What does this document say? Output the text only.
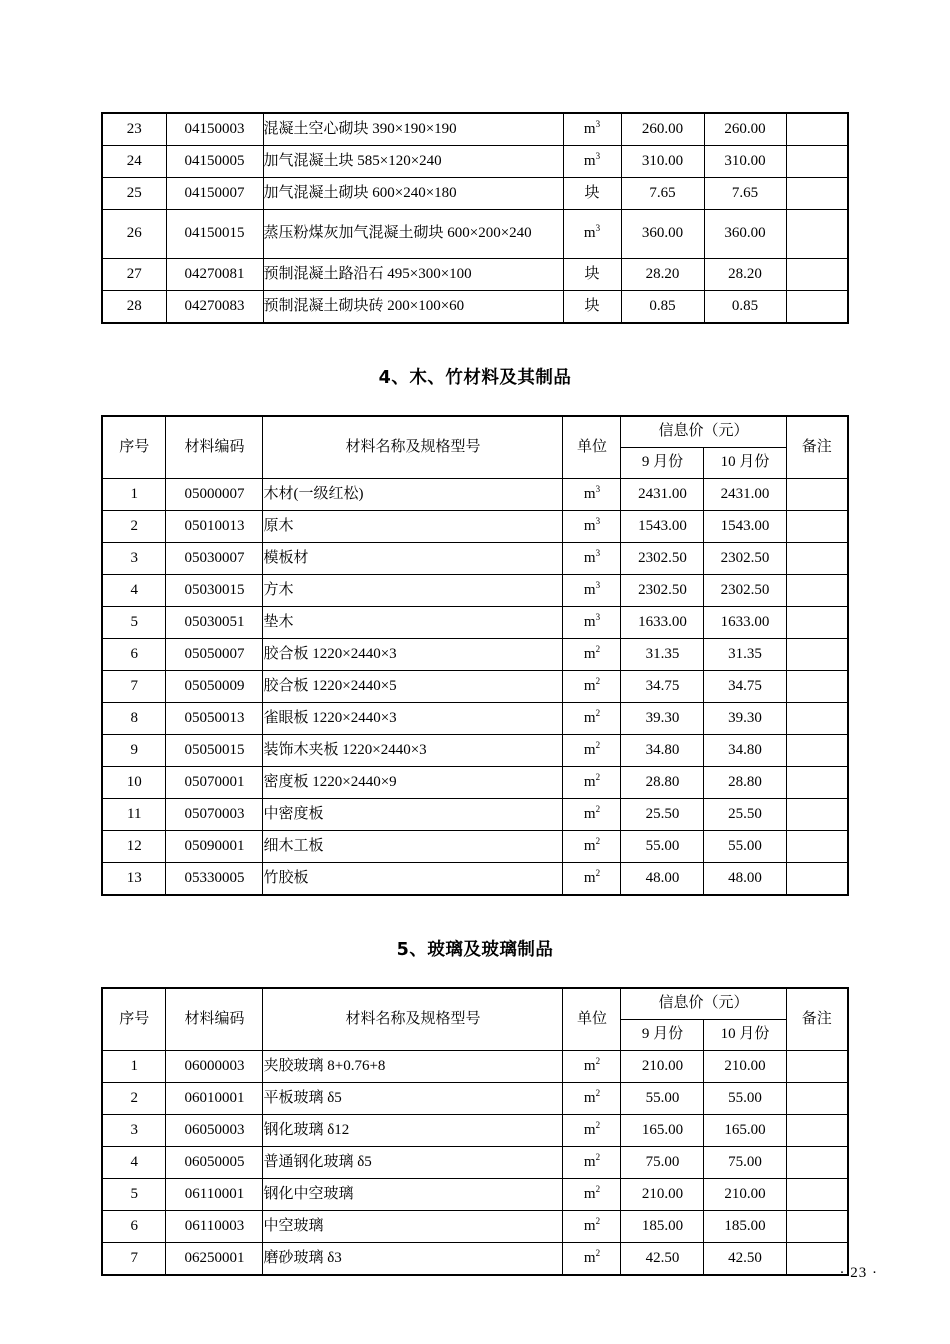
23	04150003	混凝土空心砌块 390×190×190	$m^3$	260.00	260.00	
24	04150005	加气混凝土块 585×120×240	$m^3$	310.00	310.00	
25	04150007	加气混凝土砌块 600×240×180	块	7.65	7.65	
26	04150015	蒸压粉煤灰加气混凝土砌块 600×200×240	$m^3$	360.00	360.00	
27	04270081	预制混凝土路沿石 495×300×100	块	28.20	28.20	
28	04270083	预制混凝土砌块砖 200×100×60	块	0.85	0.85	
4、木、竹材料及其制品
序号	材料编码	材料名称及规格型号	单位	信息价（元）		备注
				9 月份	10 月份	
1	05000007	木材(一级红松)	$m^3$	2431.00	2431.00	
2	05010013	原木	$m^3$	1543.00	1543.00	
3	05030007	模板材	$m^3$	2302.50	2302.50	
4	05030015	方木	$m^3$	2302.50	2302.50	
5	05030051	垫木	$m^3$	1633.00	1633.00	
6	05050007	胶合板 1220×2440×3	$m^2$	31.35	31.35	
7	05050009	胶合板 1220×2440×5	$m^2$	34.75	34.75	
8	05050013	雀眼板 1220×2440×3	$m^2$	39.30	39.30	
9	05050015	装饰木夹板 1220×2440×3	$m^2$	34.80	34.80	
10	05070001	密度板 1220×2440×9	$m^2$	28.80	28.80	
11	05070003	中密度板	$m^2$	25.50	25.50	
12	05090001	细木工板	$m^2$	55.00	55.00	
13	05330005	竹胶板	$m^2$	48.00	48.00	
5、玻璃及玻璃制品
序号	材料编码	材料名称及规格型号	单位	信息价（元）		备注
				9 月份	10 月份	
1	06000003	夹胶玻璃 8+0.76+8	$m^2$	210.00	210.00	
2	06010001	平板玻璃 δ5	$m^2$	55.00	55.00	
3	06050003	钢化玻璃 δ12	$m^2$	165.00	165.00	
4	06050005	普通钢化玻璃 δ5	$m^2$	75.00	75.00	
5	06110001	钢化中空玻璃	$m^2$	210.00	210.00	
6	06110003	中空玻璃	$m^2$	185.00	185.00	
7	06250001	磨砂玻璃 δ3	$m^2$	42.50	42.50	
· 23 ·
